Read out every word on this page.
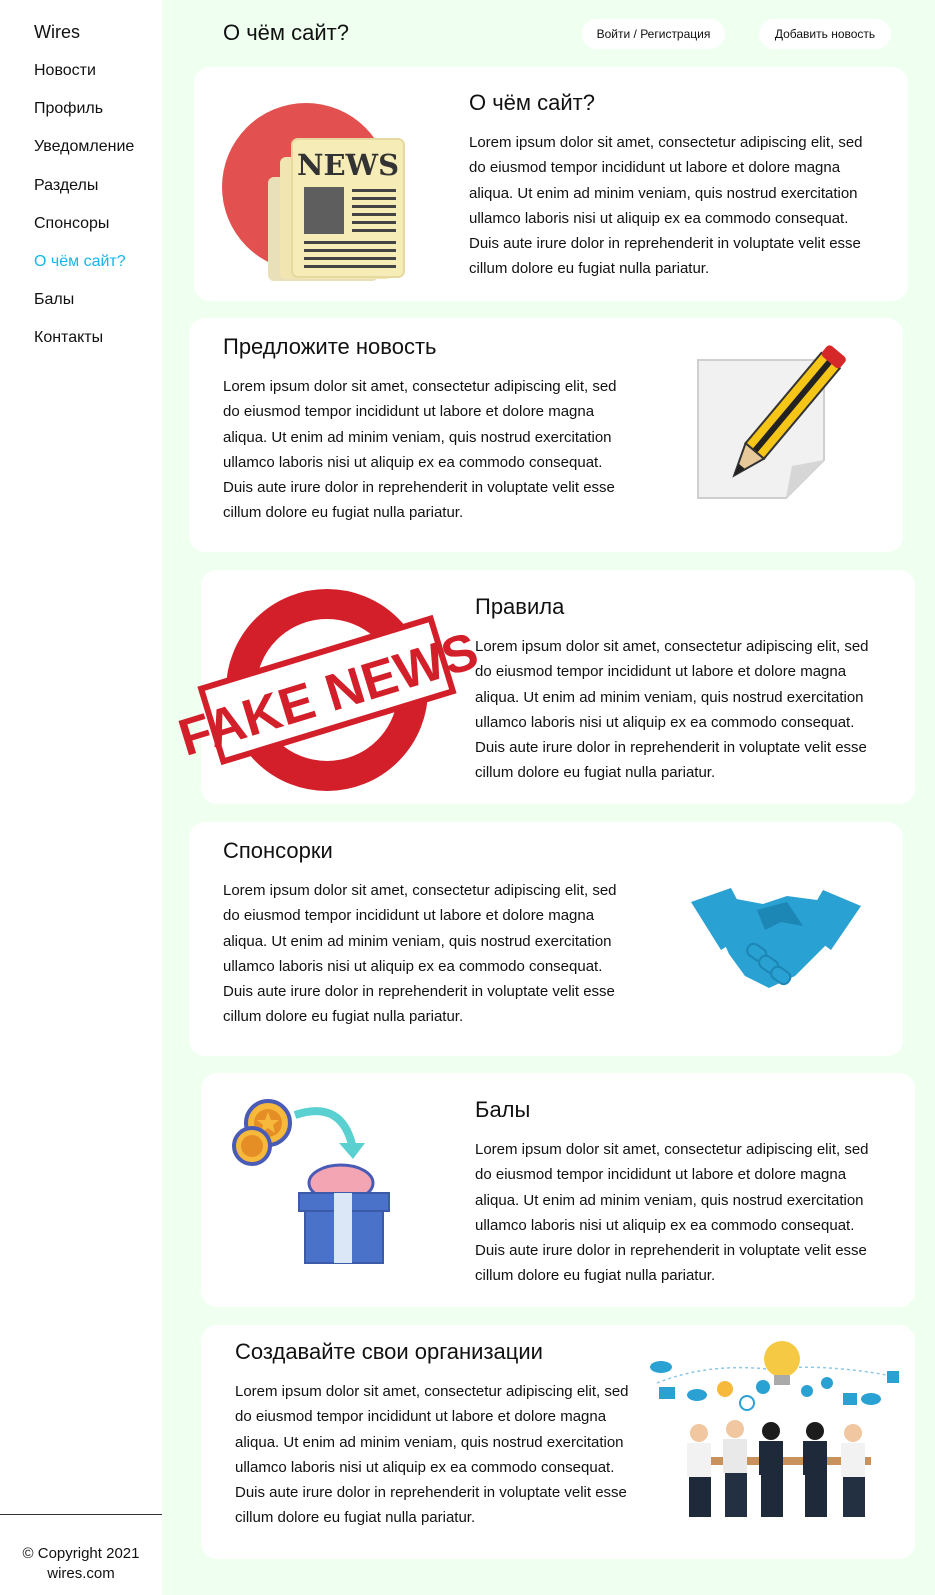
Wires
Новости
Профиль
Уведомление
Разделы
Спонсоры
О чём сайт?
Балы
Контакты
© Copyright 2021
wires.com
О чём сайт?	Войти / Регистрация	Добавить новость
NEWS
О чём сайт?

Lorem ipsum dolor sit amet, consectetur adipiscing elit, sed do eiusmod tempor incididunt ut labore et dolore magna aliqua. Ut enim ad minim veniam, quis nostrud exercitation ullamco laboris nisi ut aliquip ex ea commodo consequat. Duis aute irure dolor in reprehenderit in voluptate velit esse cillum dolore eu fugiat nulla pariatur.

Предложите новость

Lorem ipsum dolor sit amet, consectetur adipiscing elit, sed do eiusmod tempor incididunt ut labore et dolore magna aliqua. Ut enim ad minim veniam, quis nostrud exercitation ullamco laboris nisi ut aliquip ex ea commodo consequat. Duis aute irure dolor in reprehenderit in voluptate velit esse cillum dolore eu fugiat nulla pariatur.

FAKE NEWS
Правила

Lorem ipsum dolor sit amet, consectetur adipiscing elit, sed do eiusmod tempor incididunt ut labore et dolore magna aliqua. Ut enim ad minim veniam, quis nostrud exercitation ullamco laboris nisi ut aliquip ex ea commodo consequat. Duis aute irure dolor in reprehenderit in voluptate velit esse cillum dolore eu fugiat nulla pariatur.

Спонсорки

Lorem ipsum dolor sit amet, consectetur adipiscing elit, sed do eiusmod tempor incididunt ut labore et dolore magna aliqua. Ut enim ad minim veniam, quis nostrud exercitation ullamco laboris nisi ut aliquip ex ea commodo consequat. Duis aute irure dolor in reprehenderit in voluptate velit esse cillum dolore eu fugiat nulla pariatur.

Балы

Lorem ipsum dolor sit amet, consectetur adipiscing elit, sed do eiusmod tempor incididunt ut labore et dolore magna aliqua. Ut enim ad minim veniam, quis nostrud exercitation ullamco laboris nisi ut aliquip ex ea commodo consequat. Duis aute irure dolor in reprehenderit in voluptate velit esse cillum dolore eu fugiat nulla pariatur.

Создавайте свои организации

Lorem ipsum dolor sit amet, consectetur adipiscing elit, sed do eiusmod tempor incididunt ut labore et dolore magna aliqua. Ut enim ad minim veniam, quis nostrud exercitation ullamco laboris nisi ut aliquip ex ea commodo consequat. Duis aute irure dolor in reprehenderit in voluptate velit esse cillum dolore eu fugiat nulla pariatur.
